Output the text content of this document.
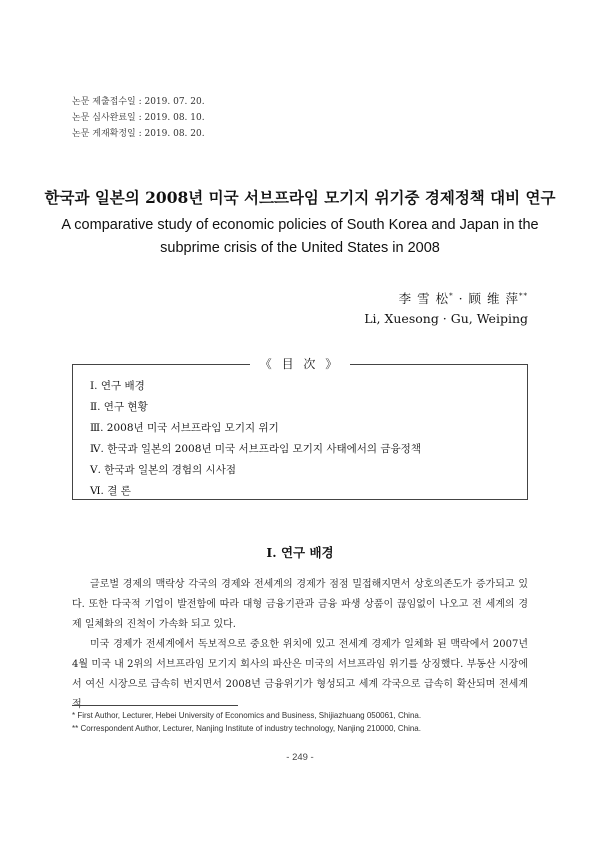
논문 제출접수일 : 2019. 07. 20.
논문 심사완료일 : 2019. 08. 10.
논문 게재확정일 : 2019. 08. 20.
한국과 일본의 2008년 미국 서브프라임 모기지 위기중 경제정책 대비 연구
A comparative study of economic policies of South Korea and Japan in the subprime crisis of the United States in 2008
李 雪 松* · 顾 维 萍**
Li, Xuesong · Gu, Weiping
《 目 次 》
Ⅰ. 연구 배경
Ⅱ. 연구 현황
Ⅲ. 2008년 미국 서브프라임 모기지 위기
Ⅳ. 한국과 일본의 2008년 미국 서브프라임 모기지 사태에서의 금융정책
Ⅴ. 한국과 일본의 경험의 시사점
Ⅵ. 결 론
Ⅰ. 연구 배경

글로벌 경제의 맥락상 각국의 경제와 전세계의 경제가 점점 밀접해지면서 상호의존도가 증가되고 있다. 또한 다국적 기업이 발전함에 따라 대형 금융기관과 금융 파생 상품이 끊임없이 나오고 전 세계의 경제 일체화의 진척이 가속화 되고 있다.

미국 경제가 전세계에서 독보적으로 중요한 위치에 있고 전세계 경제가 일체화 된 맥락에서 2007년 4월 미국 내 2위의 서브프라임 모기지 회사의 파산은 미국의 서브프라임 위기를 상징했다. 부동산 시장에서 여신 시장으로 급속히 번지면서 2008년 금융위기가 형성되고 세계 각국으로 급속히 확산되며 전세계적

* First Author, Lecturer, Hebei University of Economics and Business, Shijiazhuang 050061, China.
** Correspondent Author, Lecturer, Nanjing Institute of industry technology, Nanjing 210000, China.
- 249 -
